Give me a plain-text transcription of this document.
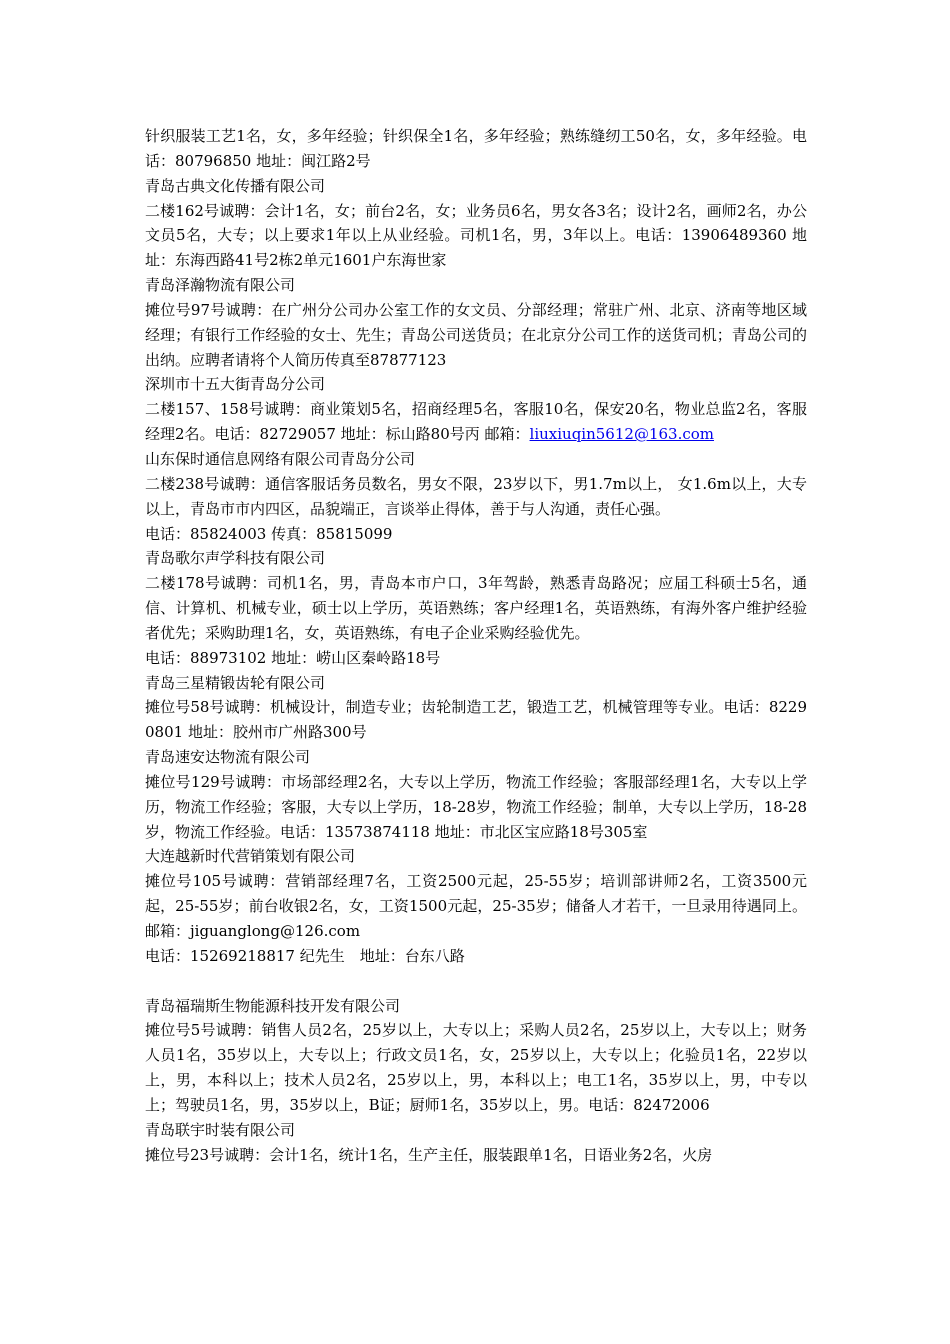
针织服装工艺1名，女，多年经验；针织保全1名，多年经验；熟练缝纫工50名，女，多年经验。电话：80796850 地址：闽江路2号

青岛古典文化传播有限公司

二楼162号诚聘：会计1名，女；前台2名，女；业务员6名，男女各3名；设计2名，画师2名，办公文员5名，大专；以上要求1年以上从业经验。司机1名，男，3年以上。电话：13906489360 地址：东海西路41号2栋2单元1601户东海世家

青岛泽瀚物流有限公司

摊位号97号诚聘：在广州分公司办公室工作的女文员、分部经理；常驻广州、北京、济南等地区域经理；有银行工作经验的女士、先生；青岛公司送货员；在北京分公司工作的送货司机；青岛公司的出纳。应聘者请将个人简历传真至87877123

深圳市十五大街青岛分公司

二楼157、158号诚聘：商业策划5名，招商经理5名，客服10名，保安20名，物业总监2名，客服经理2名。电话：82729057 地址：标山路80号丙 邮箱：liuxiuqin5612@163.com

山东保时通信息网络有限公司青岛分公司

二楼238号诚聘：通信客服话务员数名，男女不限，23岁以下，男1.7m以上， 女1.6m以上，大专以上，青岛市市内四区，品貌端正，言谈举止得体，善于与人沟通，责任心强。

电话：85824003 传真：85815099

青岛歌尔声学科技有限公司

二楼178号诚聘：司机1名，男，青岛本市户口，3年驾龄，熟悉青岛路况；应届工科硕士5名，通信、计算机、机械专业，硕士以上学历，英语熟练；客户经理1名，英语熟练，有海外客户维护经验者优先；采购助理1名，女，英语熟练，有电子企业采购经验优先。

电话：88973102 地址：崂山区秦岭路18号

青岛三星精锻齿轮有限公司

摊位号58号诚聘：机械设计，制造专业；齿轮制造工艺，锻造工艺，机械管理等专业。电话：82290801 地址：胶州市广州路300号

青岛速安达物流有限公司

摊位号129号诚聘：市场部经理2名，大专以上学历，物流工作经验；客服部经理1名，大专以上学历，物流工作经验；客服，大专以上学历，18-28岁，物流工作经验；制单，大专以上学历，18-28岁，物流工作经验。电话：13573874118 地址：市北区宝应路18号305室

大连越新时代营销策划有限公司

摊位号105号诚聘：营销部经理7名，工资2500元起，25-55岁；培训部讲师2名，工资3500元起，25-55岁；前台收银2名，女，工资1500元起，25-35岁；储备人才若干，一旦录用待遇同上。 邮箱：jiguanglong@126.com

电话：15269218817 纪先生　地址：台东八路

青岛福瑞斯生物能源科技开发有限公司

摊位号5号诚聘：销售人员2名，25岁以上，大专以上；采购人员2名，25岁以上，大专以上；财务人员1名，35岁以上，大专以上；行政文员1名，女，25岁以上，大专以上；化验员1名，22岁以上，男，本科以上；技术人员2名，25岁以上，男，本科以上；电工1名，35岁以上，男，中专以上；驾驶员1名，男，35岁以上，B证；厨师1名，35岁以上，男。电话：82472006

青岛联宇时装有限公司

摊位号23号诚聘：会计1名，统计1名，生产主任，服装跟单1名，日语业务2名，火房
